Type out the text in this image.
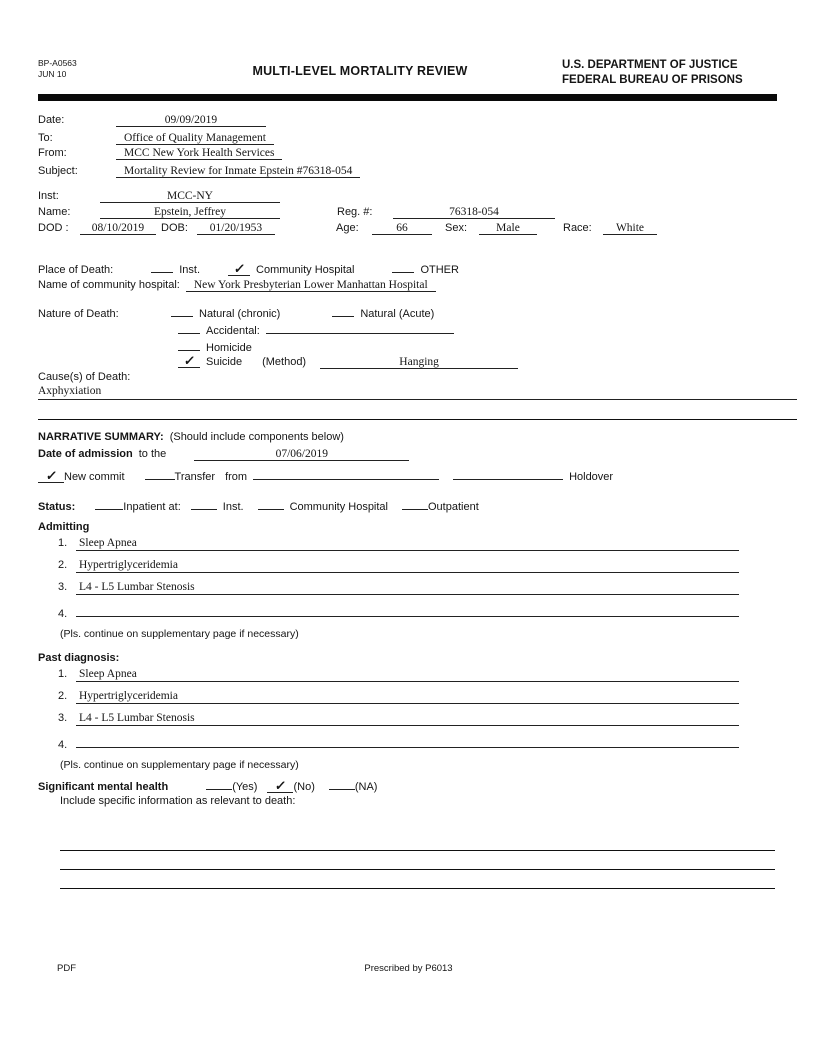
BP-A0563
JUN 10	MULTI-LEVEL MORTALITY REVIEW	U.S. DEPARTMENT OF JUSTICE
FEDERAL BUREAU OF PRISONS
Date:	09/09/2019
To:	Office of Quality Management
From:	MCC New York Health Services
Subject:	Mortality Review for Inmate Epstein #76318-054
Inst:	MCC-NY
Name:	Epstein, Jeffrey	Reg. #:	76318-054
DOD :	08/10/2019	DOB:	01/20/1953	Age:	66	Sex:	Male	Race:	White
Place of Death:	Inst.	✓ Community Hospital	OTHER
Name of community hospital:	New York Presbyterian Lower Manhattan Hospital
Nature of Death:	Natural (chronic)	Natural (Acute)
Accidental:
Homicide
✓ Suicide (Method)	Hanging
Cause(s) of Death:
Axphyxiation
NARRATIVE SUMMARY: (Should include components below)
Date of admission to the	07/06/2019
✓ New commit	Transfer from	Holdover
Status:	Inpatient at:	Inst.	Community Hospital	Outpatient
Admitting
1.	Sleep Apnea
2.	Hypertriglyceridemia
3.	L4 - L5 Lumbar Stenosis
4.
(Pls. continue on supplementary page if necessary)
Past diagnosis:
1.	Sleep Apnea
2.	Hypertriglyceridemia
3.	L4 - L5 Lumbar Stenosis
4.
(Pls. continue on supplementary page if necessary)
Significant mental health	(Yes)	✓ (No)	(NA)
Include specific information as relevant to death:
PDF	Prescribed by P6013
